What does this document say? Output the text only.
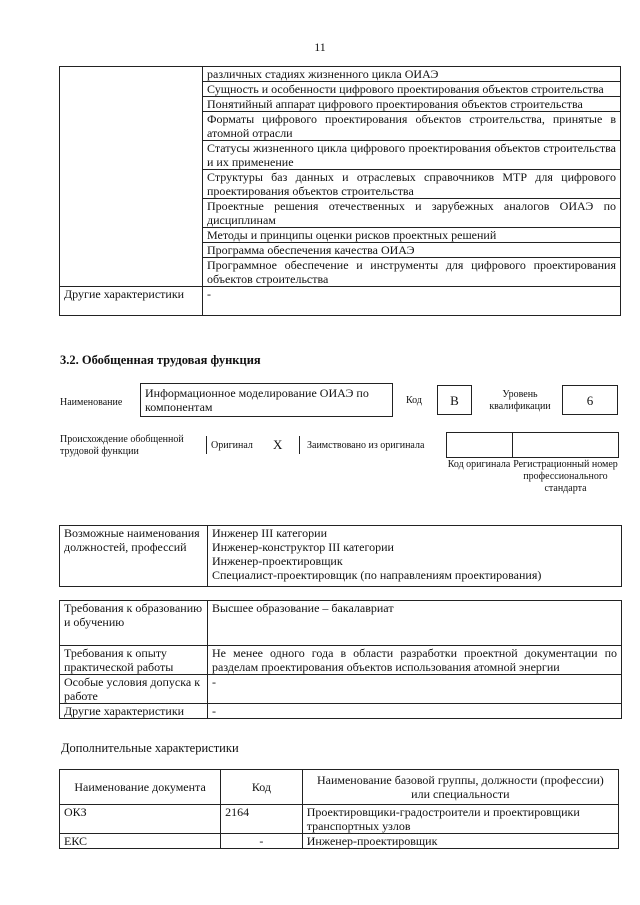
11
	различных стадиях жизненного цикла ОИАЭ
	Сущность и особенности цифрового проектирования объектов строительства
	Понятийный аппарат цифрового проектирования объектов строительства
	Форматы цифрового проектирования объектов строительства, принятые в атомной отрасли
	Статусы жизненного цикла цифрового проектирования объектов строительства и их применение
	Структуры баз данных и отраслевых справочников МТР для цифрового проектирования объектов строительства
	Проектные решения отечественных и зарубежных аналогов ОИАЭ по дисциплинам
	Методы и принципы оценки рисков проектных решений
	Программа обеспечения качества ОИАЭ
	Программное обеспечение и инструменты для цифрового проектирования объектов строительства
Другие характеристики	-
3.2. Обобщенная трудовая функция
Наименование
Информационное моделирование ОИАЭ по компонентам	Код	B	Уровень квалификации	6
Происхождение обобщенной трудовой функции
Оригинал X Заимствовано из оригинала
Код оригинала Регистрационный номер профессионального стандарта
Возможные наименования должностей, профессий	
Инженер III категории
Инженер-конструктор III категории
Инженер-проектировщик
Специалист-проектировщик (по направлениям проектирования)
Требования к образованию и обучению	Высшее образование – бакалавриат
Требования к опыту практической работы	Не менее одного года в области разработки проектной документации по разделам проектирования объектов использования атомной энергии
Особые условия допуска к работе	-
Другие характеристики	-
Дополнительные характеристики
Наименование документа	Код	Наименование базовой группы, должности (профессии) или специальности
ОКЗ	2164	Проектировщики-градостроители и проектировщики транспортных узлов
ЕКС	-	Инженер-проектировщик
